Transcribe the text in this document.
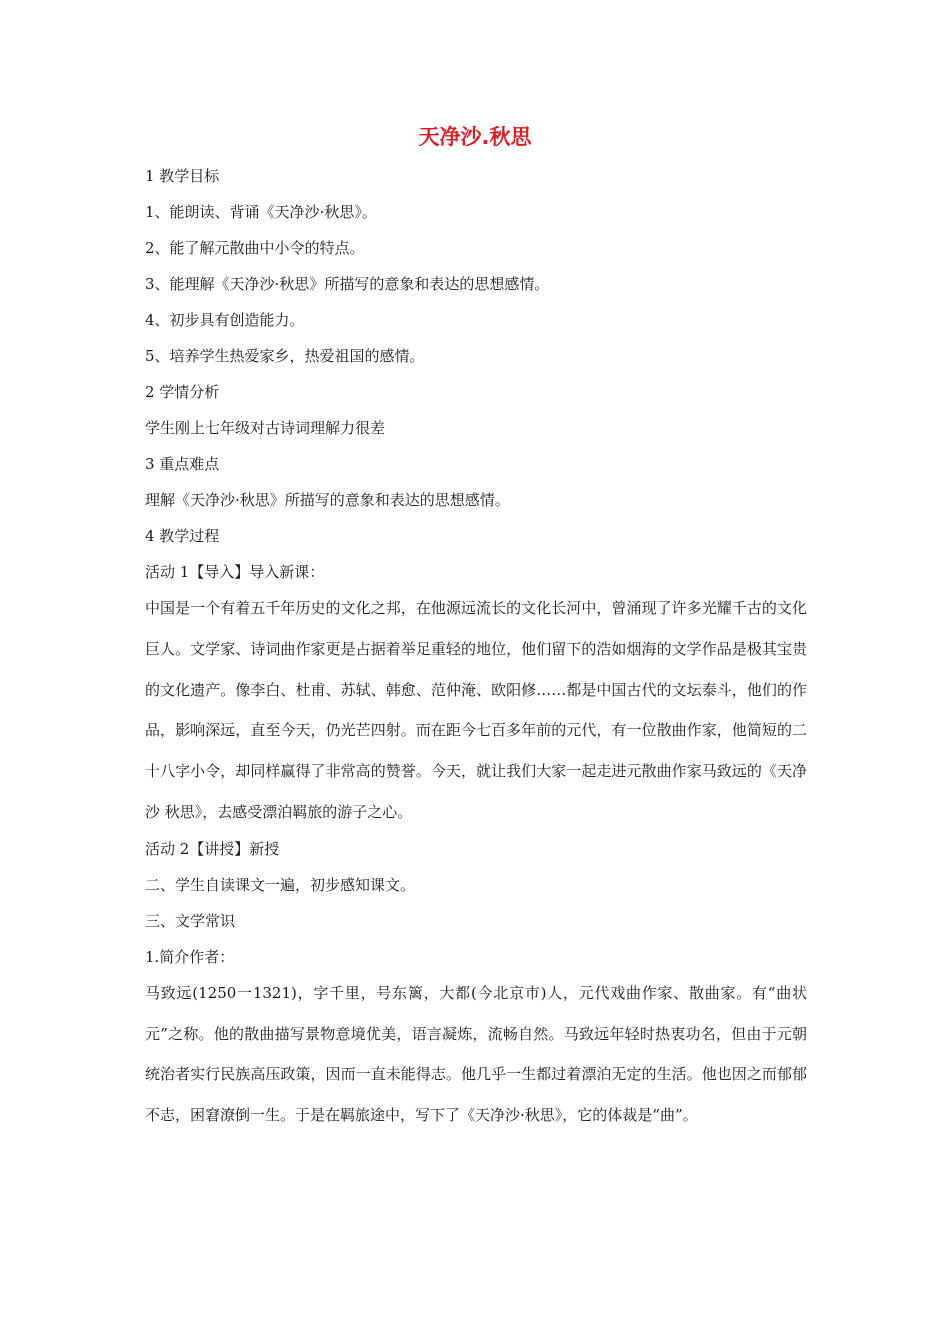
天净沙.秋思
1 教学目标
1、能朗读、背诵《天净沙·秋思》。
2、能了解元散曲中小令的特点。
3、能理解《天净沙·秋思》所描写的意象和表达的思想感情。
4、初步具有创造能力。
5、培养学生热爱家乡，热爱祖国的感情。
2 学情分析
学生刚上七年级对古诗词理解力很差
3 重点难点
理解《天净沙·秋思》所描写的意象和表达的思想感情。
4 教学过程
活动 1【导入】导入新课：
中国是一个有着五千年历史的文化之邦，在他源远流长的文化长河中，曾涌现了许多光耀千古的文化巨人。文学家、诗词曲作家更是占据着举足重轻的地位，他们留下的浩如烟海的文学作品是极其宝贵的文化遗产。像李白、杜甫、苏轼、韩愈、范仲淹、欧阳修……都是中国古代的文坛泰斗，他们的作品，影响深远，直至今天，仍光芒四射。而在距今七百多年前的元代，有一位散曲作家，他简短的二十八字小令，却同样赢得了非常高的赞誉。今天，就让我们大家一起走进元散曲作家马致远的《天净沙 秋思》，去感受漂泊羁旅的游子之心。
活动 2【讲授】新授
二、学生自读课文一遍，初步感知课文。
三、文学常识
1.简介作者：
马致远(1250一1321)，字千里，号东篱，大都(今北京市)人，元代戏曲作家、散曲家。有“曲状元”之称。他的散曲描写景物意境优美，语言凝炼，流畅自然。马致远年轻时热衷功名，但由于元朝统治者实行民族高压政策，因而一直未能得志。他几乎一生都过着漂泊无定的生活。他也因之而郁郁不志，困窘潦倒一生。于是在羁旅途中，写下了《天净沙·秋思》，它的体裁是“曲”。
